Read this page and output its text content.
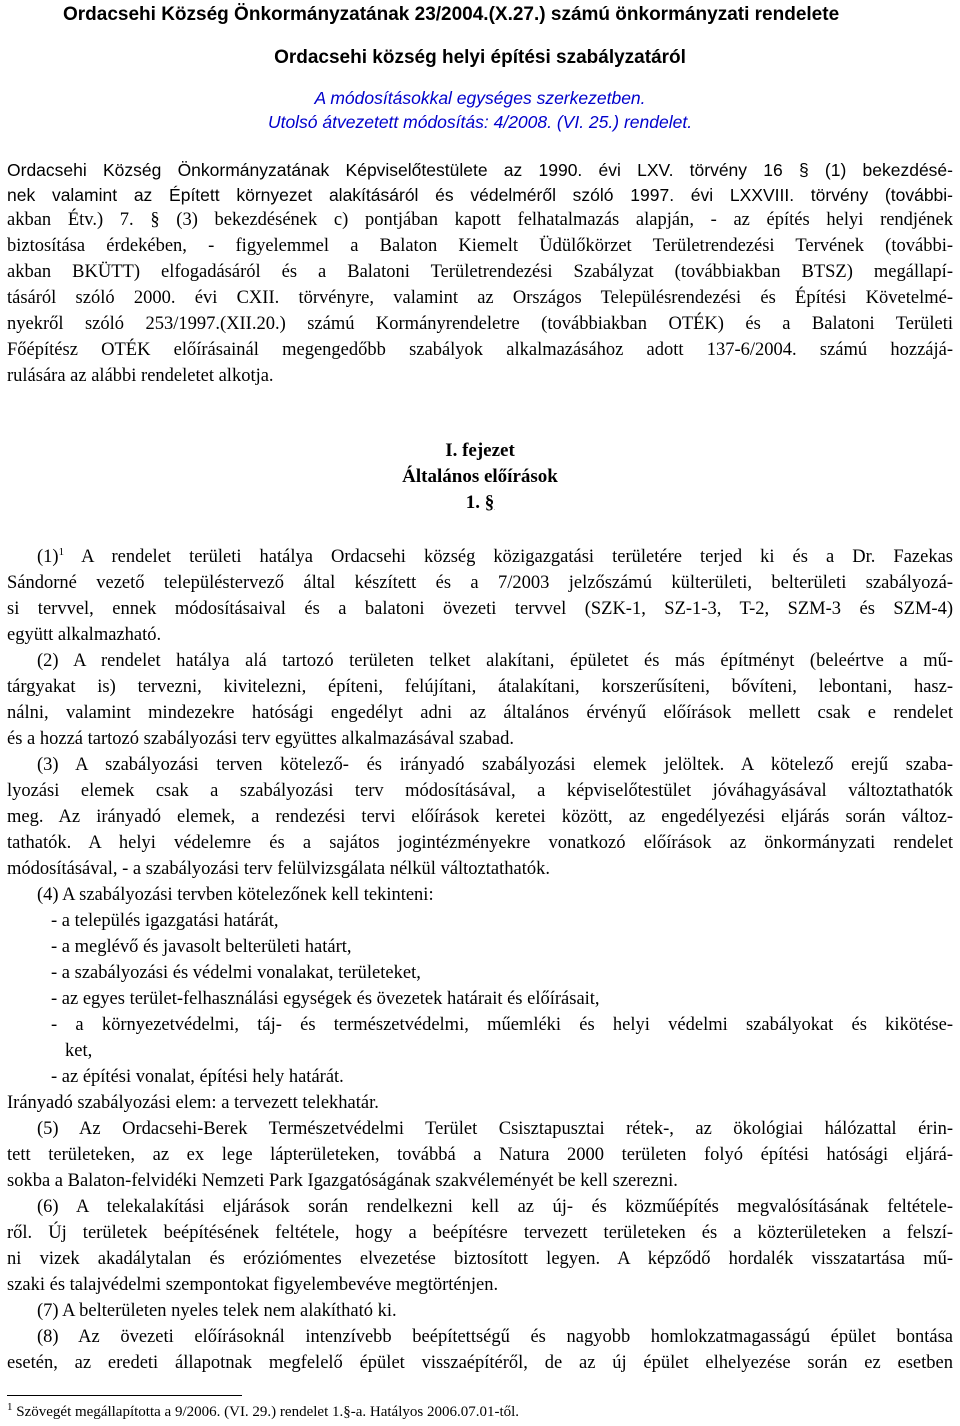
Ordacsehi Község Önkormányzatának 23/2004.(X.27.) számú önkormányzati rendelete
Ordacsehi község helyi építési szabályzatáról
A módosításokkal egységes szerkezetben.
Utolsó átvezetett módosítás: 4/2008. (VI. 25.) rendelet.
Ordacsehi Község Önkormányzatának Képviselőtestülete az 1990. évi LXV. törvény 16 § (1) bekezdésé-
nek valamint az Épített környezet alakításáról és védelméről szóló 1997. évi LXXVIII. törvény (további-
akban Étv.) 7. § (3) bekezdésének c) pontjában kapott felhatalmazás alapján, - az építés helyi rendjének
biztosítása érdekében, - figyelemmel a Balaton Kiemelt Üdülőkörzet Területrendezési Tervének (további-
akban BKÜTT) elfogadásáról és a Balatoni Területrendezési Szabályzat (továbbiakban BTSZ) megállapí-
tásáról szóló 2000. évi CXII. törvényre, valamint az Országos Településrendezési és Építési Követelmé-
nyekről szóló 253/1997.(XII.20.) számú Kormányrendeletre (továbbiakban OTÉK) és a Balatoni Területi
Főépítész OTÉK előírásainál megengedőbb szabályok alkalmazásához adott 137-6/2004. számú hozzájá-
rulására az alábbi rendeletet alkotja.
I. fejezet
Általános előírások
1. §
$(1)^1$ A rendelet területi hatálya Ordacsehi község közigazgatási területére terjed ki és a Dr. Fazekas
Sándorné vezető településtervező által készített és a 7/2003 jelzőszámú külterületi, belterületi szabályozá-
si tervvel, ennek módosításaival és a balatoni övezeti tervvel (SZK-1, SZ-1-3, T-2, SZM-3 és SZM-4)
együtt alkalmazható.
(2) A rendelet hatálya alá tartozó területen telket alakítani, épületet és más építményt (beleértve a mű-
tárgyakat is) tervezni, kivitelezni, építeni, felújítani, átalakítani, korszerűsíteni, bővíteni, lebontani, hasz-
nálni, valamint mindezekre hatósági engedélyt adni az általános érvényű előírások mellett csak e rendelet
és a hozzá tartozó szabályozási terv együttes alkalmazásával szabad.
(3) A szabályozási terven kötelező- és irányadó szabályozási elemek jelöltek. A kötelező erejű szaba-
lyozási elemek csak a szabályozási terv módosításával, a képviselőtestület jóváhagyásával változtathatók
meg. Az irányadó elemek, a rendezési tervi előírások keretei között, az engedélyezési eljárás során változ-
tathatók. A helyi védelemre és a sajátos jogintézményekre vonatkozó előírások az önkormányzati rendelet
módosításával, - a szabályozási terv felülvizsgálata nélkül változtathatók.
(4) A szabályozási tervben kötelezőnek kell tekinteni:
- a település igazgatási határát,
- a meglévő és javasolt belterületi határt,
- a szabályozási és védelmi vonalakat, területeket,
- az egyes terület-felhasználási egységek és övezetek határait és előírásait,
- a környezetvédelmi, táj- és természetvédelmi, műemléki és helyi védelmi szabályokat és kikötése-
ket,
- az építési vonalat, építési hely határát.
Irányadó szabályozási elem: a tervezett telekhatár.
(5) Az Ordacsehi-Berek Természetvédelmi Terület Csisztapusztai rétek-, az ökológiai hálózattal érin-
tett területeken, az ex lege lápterületeken, továbbá a Natura 2000 területen folyó építési hatósági eljárá-
sokba a Balaton-felvidéki Nemzeti Park Igazgatóságának szakvéleményét be kell szerezni.
(6) A telekalakítási eljárások során rendelkezni kell az új- és közműépítés megvalósításának feltétele-
ről. Új területek beépítésének feltétele, hogy a beépítésre tervezett területeken és a közterületeken a felszí-
ni vizek akadálytalan és eróziómentes elvezetése biztosított legyen. A képződő hordalék visszatartása mű-
szaki és talajvédelmi szempontokat figyelembevéve megtörténjen.
(7) A belterületen nyeles telek nem alakítható ki.
(8) Az övezeti előírásoknál intenzívebb beépítettségű és nagyobb homlokzatmagasságú épület bontása
esetén, az eredeti állapotnak megfelelő épület visszaépítéről, de az új épület elhelyezése során ez esetben
$^1$ Szövegét megállapította a 9/2006. (VI. 29.) rendelet 1.§-a. Hatályos 2006.07.01-től.
